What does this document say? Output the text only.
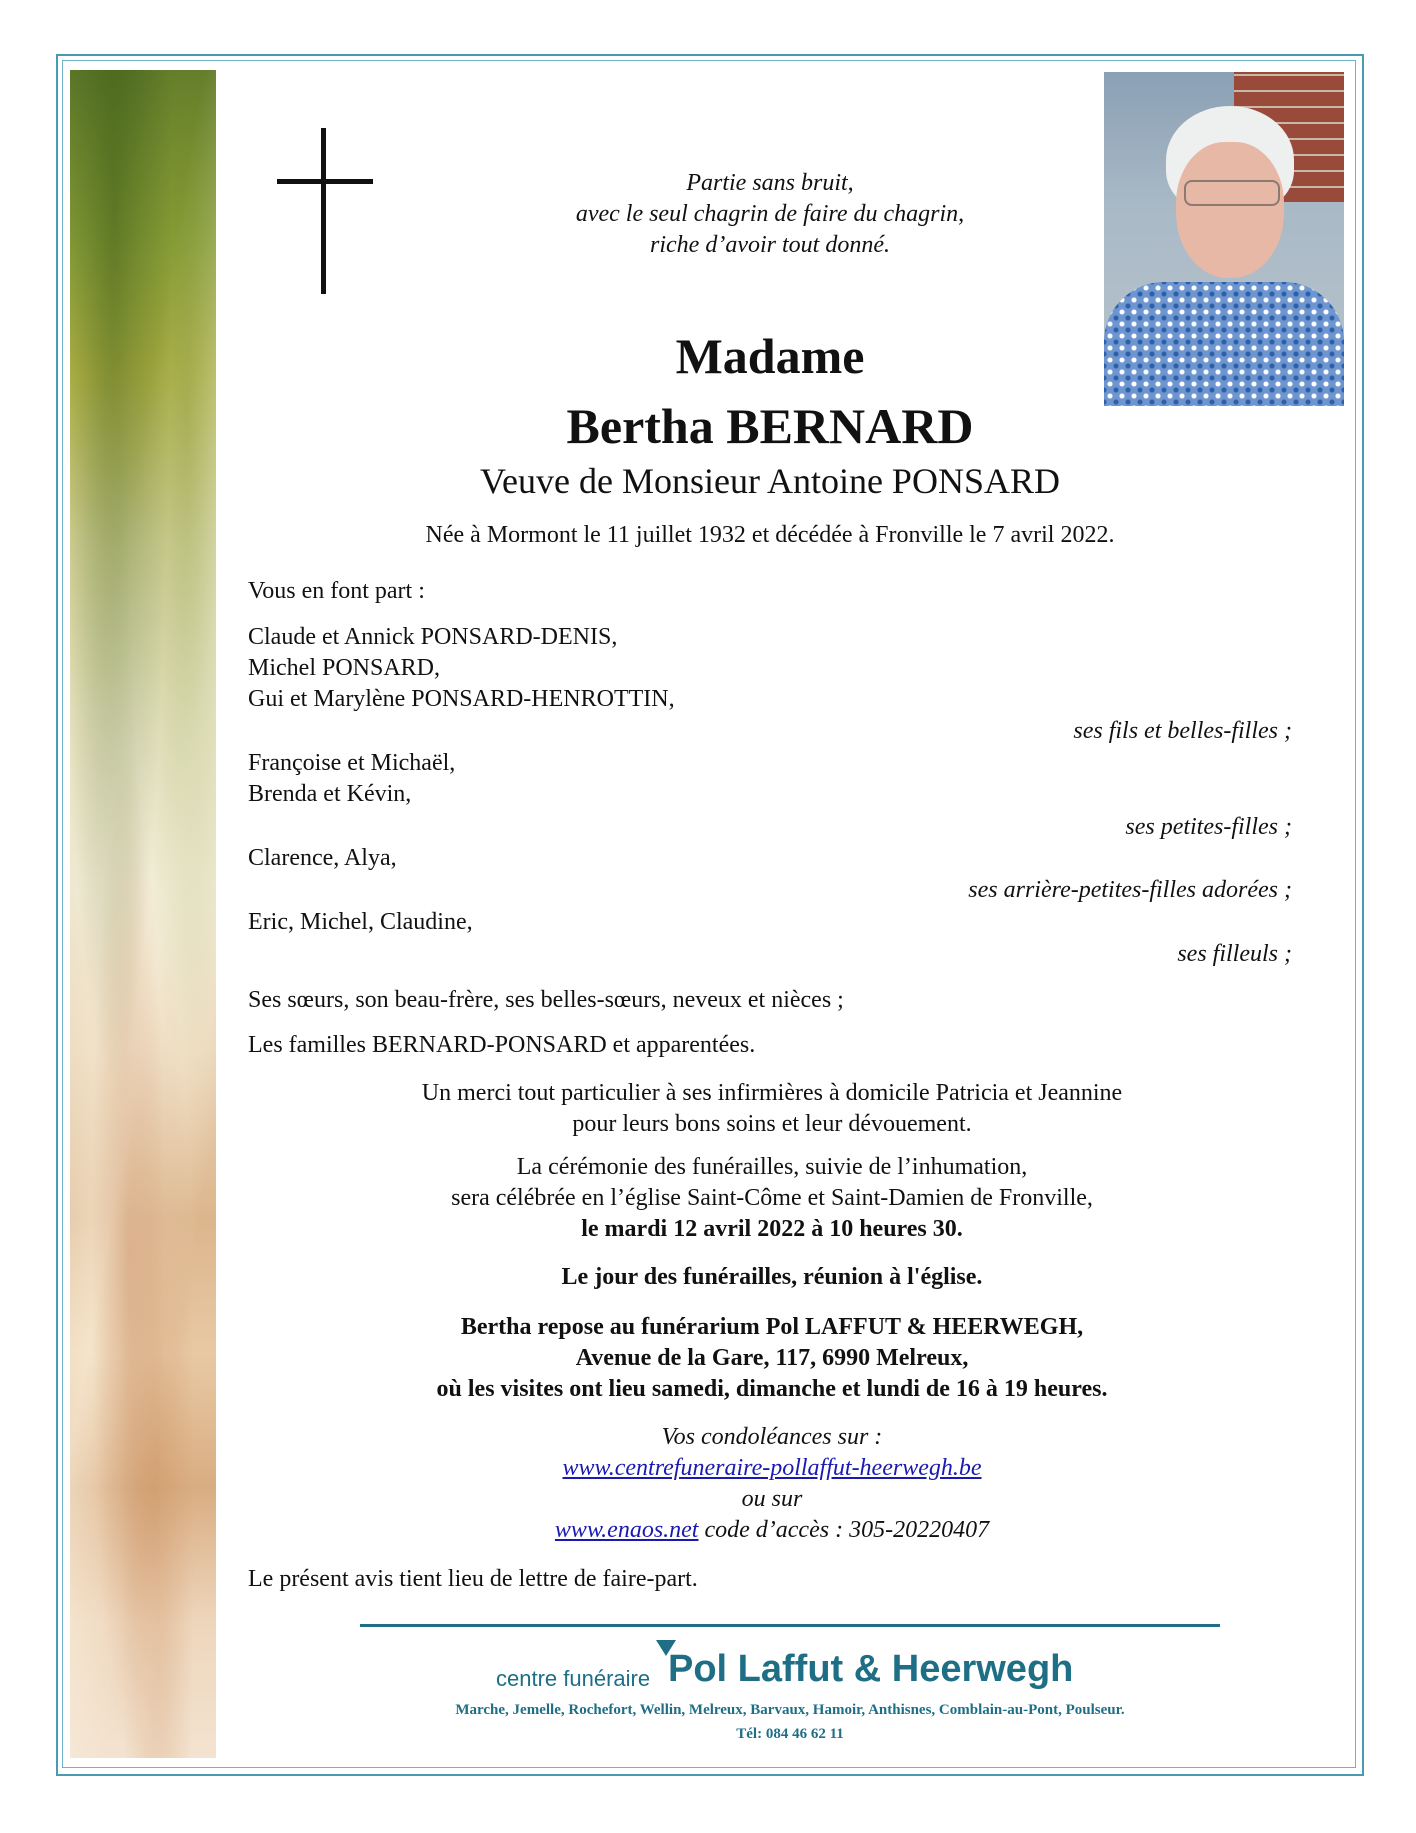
Partie sans bruit,
avec le seul chagrin de faire du chagrin,
riche d’avoir tout donné.
Madame
Bertha BERNARD
Veuve de Monsieur Antoine PONSARD
Née à Mormont le 11 juillet 1932 et décédée à Fronville le 7 avril 2022.
Vous en font part :
Claude et Annick PONSARD-DENIS,
Michel PONSARD,
Gui et Marylène PONSARD-HENROTTIN,
ses fils et belles-filles ;
Françoise et Michaël,
Brenda et Kévin,
ses petites-filles ;
Clarence, Alya,
ses arrière-petites-filles adorées ;
Eric, Michel, Claudine,
ses filleuls ;
Ses sœurs, son beau-frère, ses belles-sœurs, neveux et nièces ;
Les familles BERNARD-PONSARD et apparentées.
Un merci tout particulier à ses infirmières à domicile Patricia et Jeannine
pour leurs bons soins et leur dévouement.
La cérémonie des funérailles, suivie de l’inhumation,
sera célébrée en l’église Saint-Côme et Saint-Damien de Fronville,
le mardi 12 avril 2022 à 10 heures 30.
Le jour des funérailles, réunion à l'église.
Bertha repose au funérarium Pol LAFFUT & HEERWEGH,
Avenue de la Gare, 117, 6990 Melreux,
où les visites ont lieu samedi, dimanche et lundi de 16 à 19 heures.
Vos condoléances sur :
www.centrefuneraire-pollaffut-heerwegh.be
ou sur
www.enaos.net code d’accès : 305-20220407
Le présent avis tient lieu de lettre de faire-part.
centre funéraire Pol Laffut & Heerwegh
Marche, Jemelle, Rochefort, Wellin, Melreux, Barvaux, Hamoir, Anthisnes, Comblain-au-Pont, Poulseur.
Tél: 084 46 62 11
